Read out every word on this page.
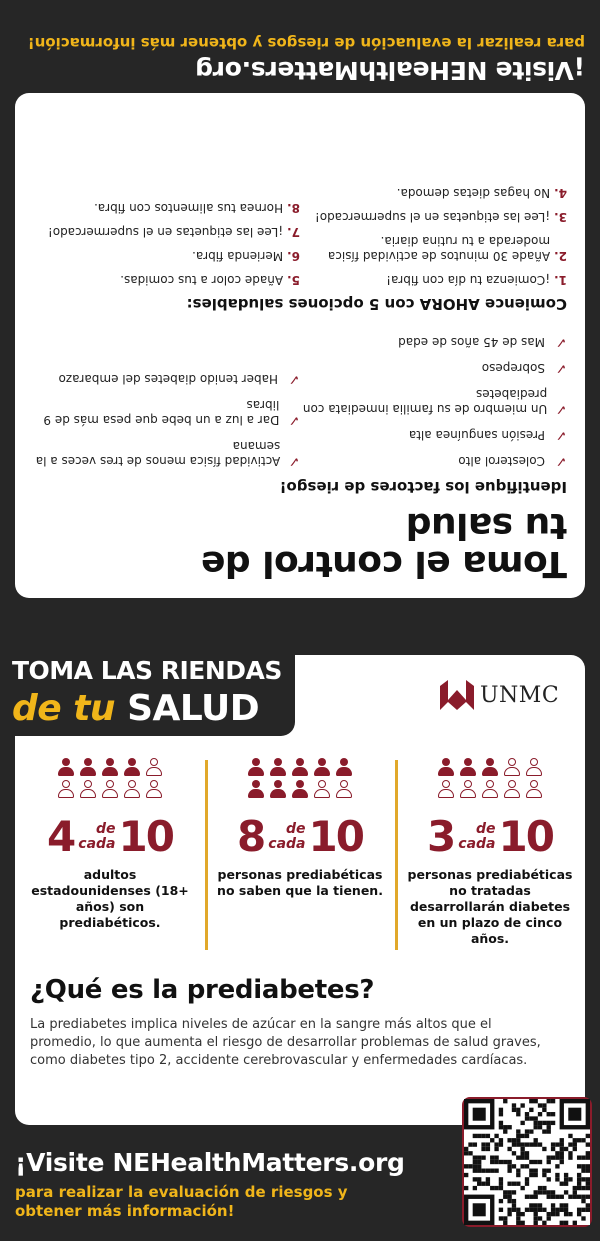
Toma el control de
tu salud
Identifique los factores de riesgo!
✓
Colesterol alto
✓
Presión sanguínea alta
✓
Un miembro de su familia inmediata con prediabetes
✓
Sobrepeso
✓
Mas de 45 años de edad
✓
Actividad física menos de tres veces a la semana
✓
Dar a luz a un bebe que pesa más de 9 libras
✓
Haber tenido diabetes del embarazo
Comience AHORA con 5 opciones saludables:
1.
¡Comienza tu día con fibra!
2.
Añade 30 minutos de actividad física moderada a tu rutina diaria.
3.
¡Lee las etiquetas en el supermercado!
4.
No hagas dietas demoda.
5.
Añade color a tus comidas.
6.
Merienda fibra.
7.
¡Lee las etiquetas en el supermercado!
8.
Hornea tus alimentos con fibra.
¡Visite NEHealthMatters.org
para realizar la evaluación de riesgos y obtener más información!
TOMA LAS RIENDAS
de tu SALUD	UNMC
4	de
cada 10
adultos estadounidenses (18+ años) son prediabéticos.
8	de
cada 10
personas prediabéticas no saben que la tienen.
3	de
cada 10
personas prediabéticas no tratadas desarrollarán diabetes en un plazo de cinco años.
¿Qué es la prediabetes?
La prediabetes implica niveles de azúcar en la sangre más altos que el promedio, lo que aumenta el riesgo de desarrollar problemas de salud graves, como diabetes tipo 2, accidente cerebrovascular y enfermedades cardíacas.
¡Visite NEHealthMatters.org
para realizar la evaluación de riesgos y
obtener más información!
